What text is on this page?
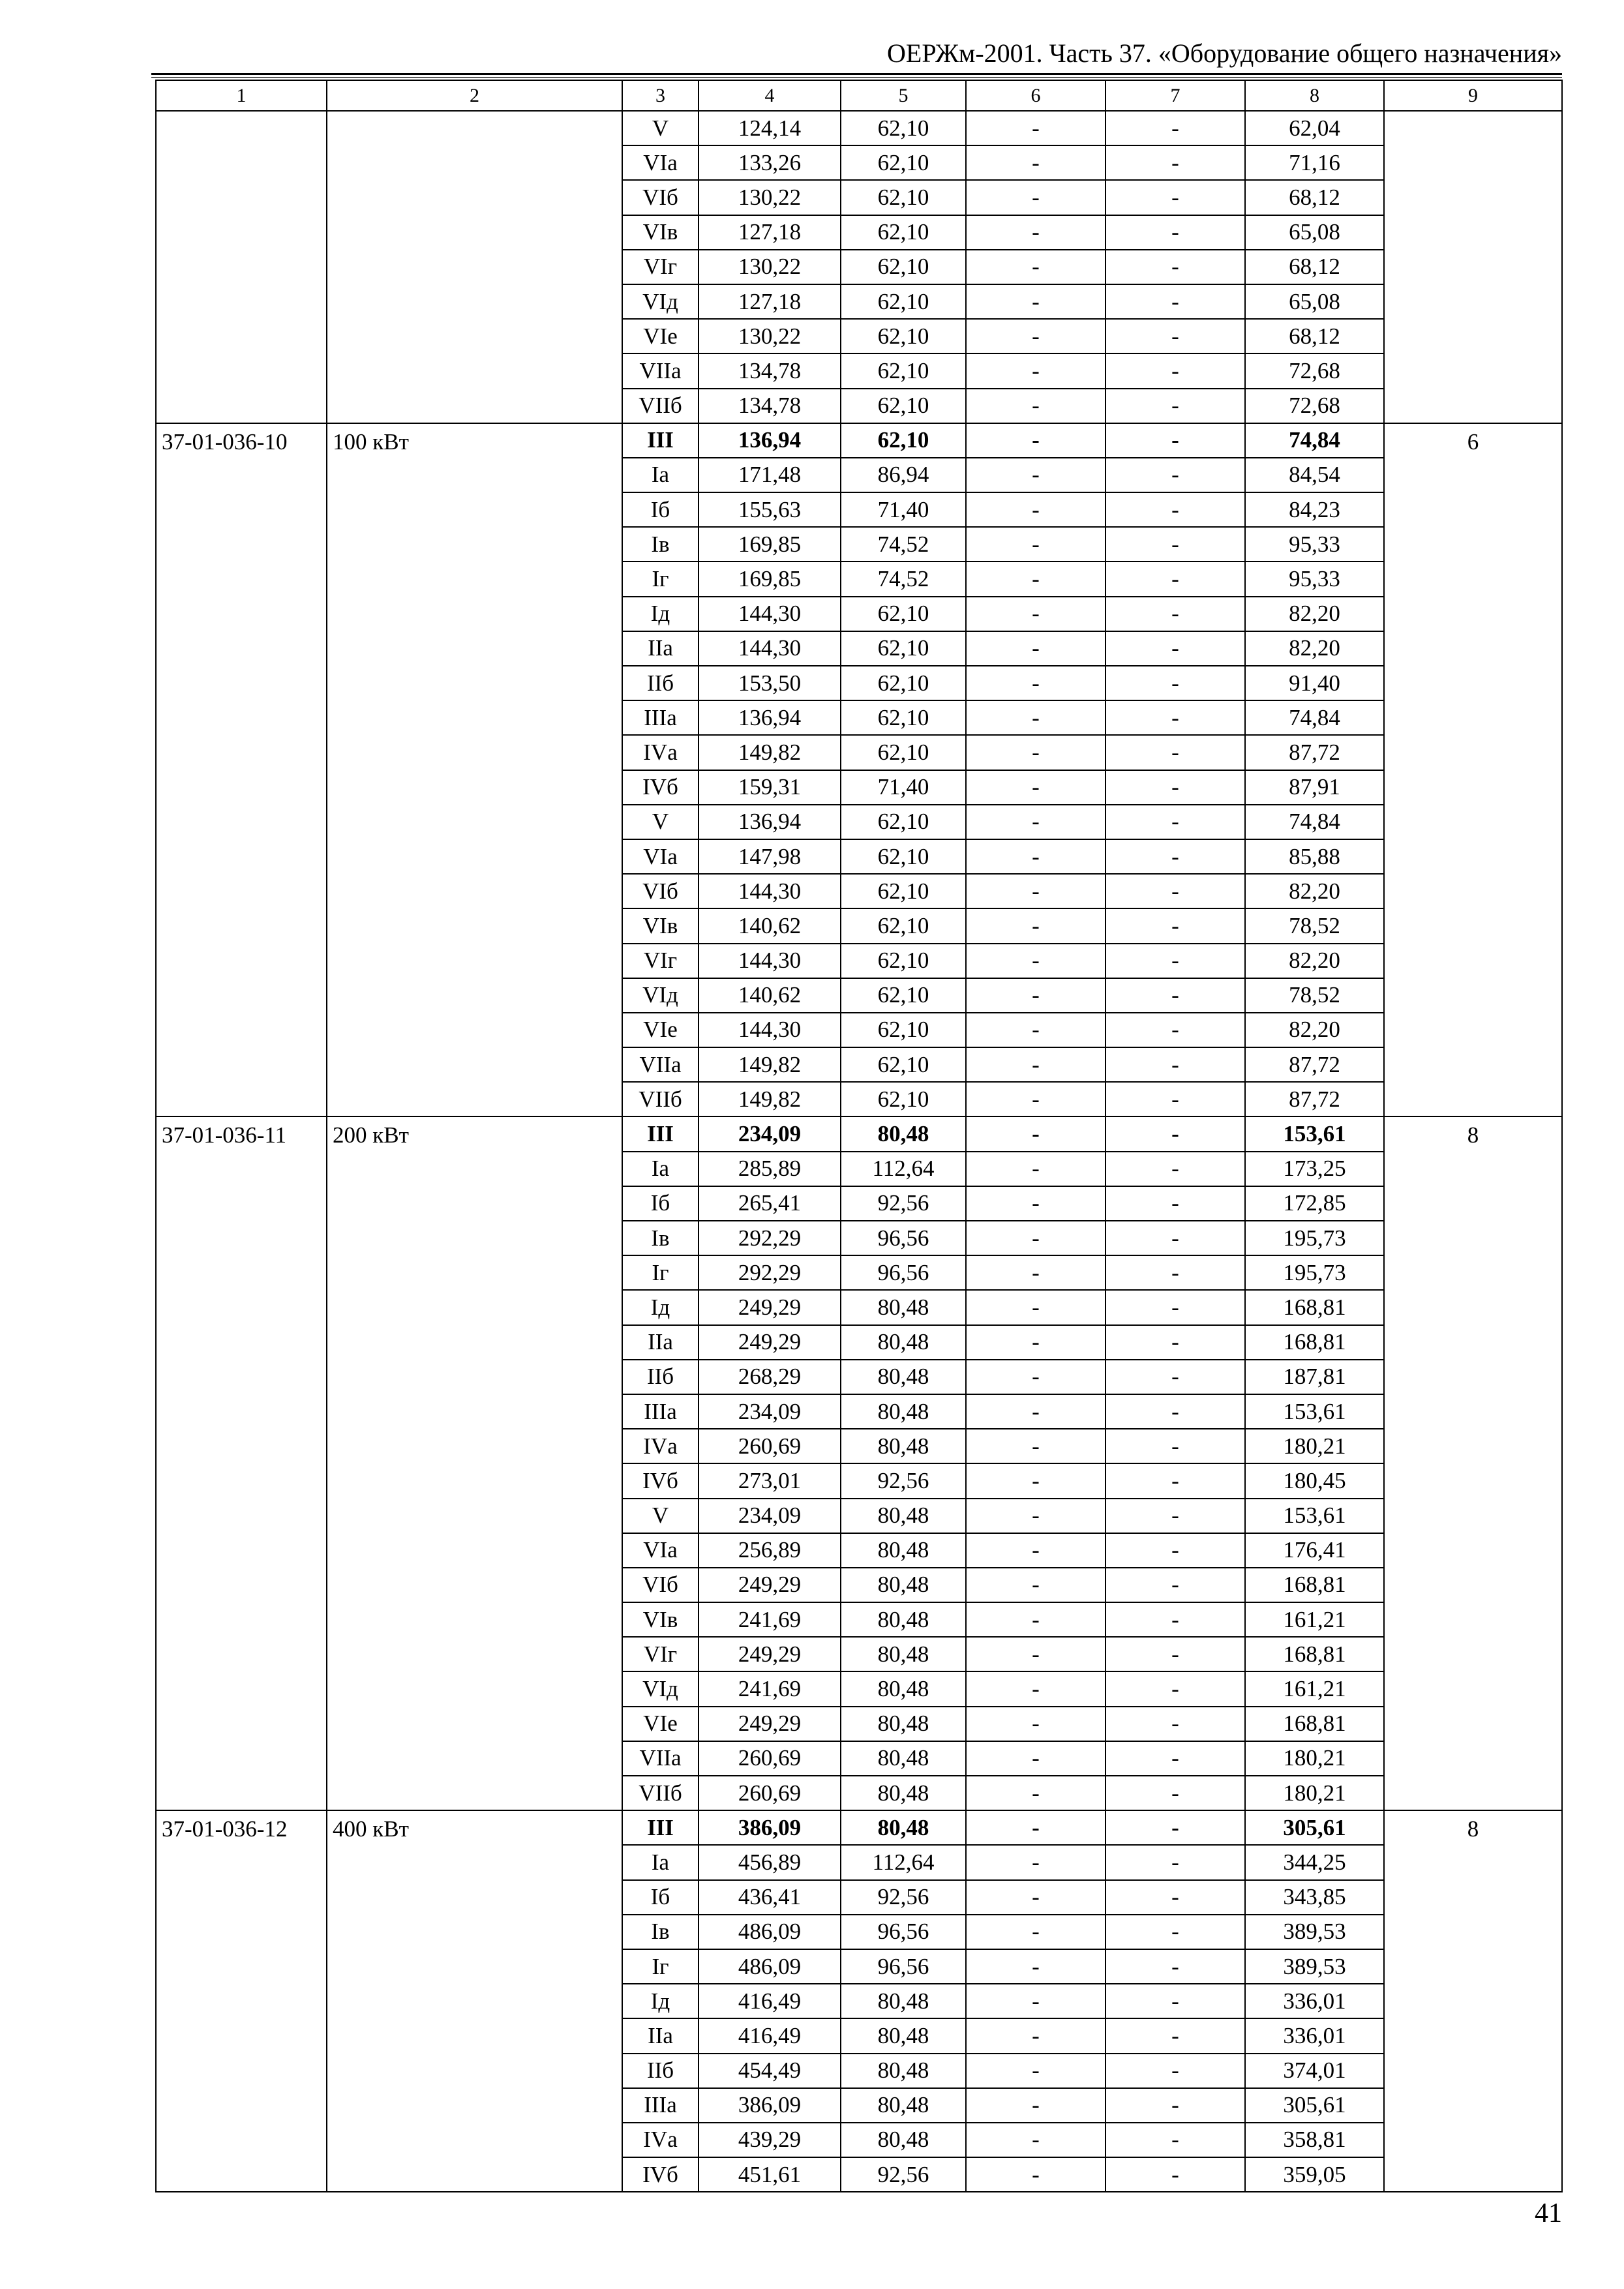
ОЕРЖм-2001. Часть 37. «Оборудование общего назначения»
1	2	3	4	5	6	7	8	9
		V	124,14	62,10	-	-	62,04	
		VIа	133,26	62,10	-	-	71,16	
		VIб	130,22	62,10	-	-	68,12	
		VIв	127,18	62,10	-	-	65,08	
		VIг	130,22	62,10	-	-	68,12	
		VIд	127,18	62,10	-	-	65,08	
		VIе	130,22	62,10	-	-	68,12	
		VIIа	134,78	62,10	-	-	72,68	
		VIIб	134,78	62,10	-	-	72,68	
37-01-036-10	100 кВт	III	136,94	62,10	-	-	74,84	6
		Iа	171,48	86,94	-	-	84,54	
		Iб	155,63	71,40	-	-	84,23	
		Iв	169,85	74,52	-	-	95,33	
		Iг	169,85	74,52	-	-	95,33	
		Iд	144,30	62,10	-	-	82,20	
		IIа	144,30	62,10	-	-	82,20	
		IIб	153,50	62,10	-	-	91,40	
		IIIа	136,94	62,10	-	-	74,84	
		IVа	149,82	62,10	-	-	87,72	
		IVб	159,31	71,40	-	-	87,91	
		V	136,94	62,10	-	-	74,84	
		VIа	147,98	62,10	-	-	85,88	
		VIб	144,30	62,10	-	-	82,20	
		VIв	140,62	62,10	-	-	78,52	
		VIг	144,30	62,10	-	-	82,20	
		VIд	140,62	62,10	-	-	78,52	
		VIе	144,30	62,10	-	-	82,20	
		VIIа	149,82	62,10	-	-	87,72	
		VIIб	149,82	62,10	-	-	87,72	
37-01-036-11	200 кВт	III	234,09	80,48	-	-	153,61	8
		Iа	285,89	112,64	-	-	173,25	
		Iб	265,41	92,56	-	-	172,85	
		Iв	292,29	96,56	-	-	195,73	
		Iг	292,29	96,56	-	-	195,73	
		Iд	249,29	80,48	-	-	168,81	
		IIа	249,29	80,48	-	-	168,81	
		IIб	268,29	80,48	-	-	187,81	
		IIIа	234,09	80,48	-	-	153,61	
		IVа	260,69	80,48	-	-	180,21	
		IVб	273,01	92,56	-	-	180,45	
		V	234,09	80,48	-	-	153,61	
		VIа	256,89	80,48	-	-	176,41	
		VIб	249,29	80,48	-	-	168,81	
		VIв	241,69	80,48	-	-	161,21	
		VIг	249,29	80,48	-	-	168,81	
		VIд	241,69	80,48	-	-	161,21	
		VIе	249,29	80,48	-	-	168,81	
		VIIа	260,69	80,48	-	-	180,21	
		VIIб	260,69	80,48	-	-	180,21	
37-01-036-12	400 кВт	III	386,09	80,48	-	-	305,61	8
		Iа	456,89	112,64	-	-	344,25	
		Iб	436,41	92,56	-	-	343,85	
		Iв	486,09	96,56	-	-	389,53	
		Iг	486,09	96,56	-	-	389,53	
		Iд	416,49	80,48	-	-	336,01	
		IIа	416,49	80,48	-	-	336,01	
		IIб	454,49	80,48	-	-	374,01	
		IIIа	386,09	80,48	-	-	305,61	
		IVа	439,29	80,48	-	-	358,81	
		IVб	451,61	92,56	-	-	359,05	
41
